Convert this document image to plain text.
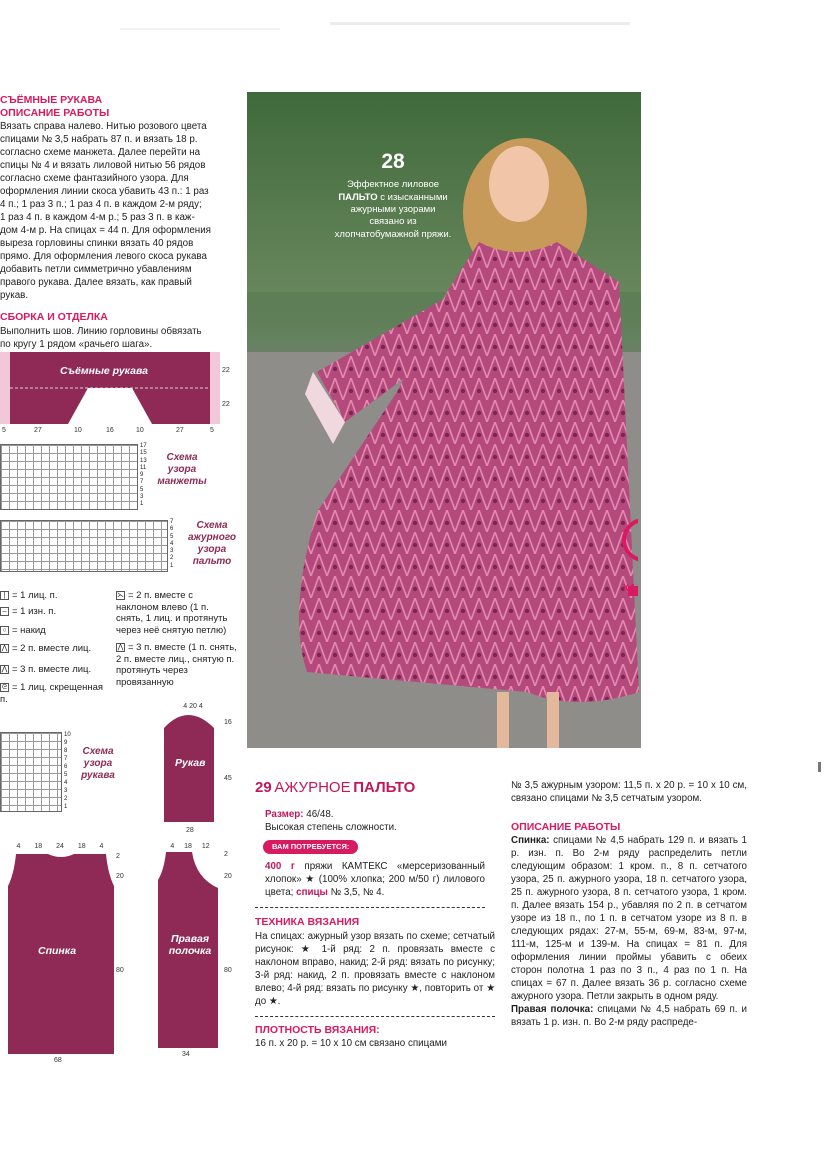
СЪЁМНЫЕ РУКАВА
ОПИСАНИЕ РАБОТЫ
Вязать справа налево. Нитью розового цвета
спицами № 3,5 набрать 87 п. и вязать 18 р.
согласно схеме манжета. Далее перейти на
спицы № 4 и вязать лиловой нитью 56 рядов
согласно схеме фантазийного узора. Для
оформления линии скоса убавить 43 п.: 1 раз
4 п.; 1 раз 3 п.; 1 раз 4 п. в каждом 2-м ряду;
1 раз 4 п. в каждом 4-м р.; 5 раз 3 п. в каж-
дом 4-м р. На спицах = 44 п. Для оформления
выреза горловины спинки вязать 40 рядов
прямо. Для оформления левого скоса рукава
добавить петли симметрично убавлениям
правого рукава. Далее вязать, как правый
рукав.
СБОРКА И ОТДЕЛКА
Выполнить шов. Линию горловины обвязать
по кругу 1 рядом «рачьего шага».
Съёмные рукава
5	27	10	16	10	27	5
22
22
17
15
13
11
9
7
5
3
1
Схема узора манжеты
7
6
5
4
3
2
1
Схема ажурного узора пальто
| = 1 лиц. п.
– = 1 изн. п.
○ = накид
⋀ = 2 п. вместе лиц.
⋀ = 3 п. вместе лиц.
ᘓ = 1 лиц. скрещенная п.
⋋ = 2 п. вместе с наклоном влево (1 п. снять, 1 лиц. и протянуть через неё снятую петлю)
⋀ = 3 п. вместе (1 п. снять, 2 п. вместе лиц., снятую п. протянуть через провязанную
10
9
8
7
6
5
4
3
2
1
Схема узора рукава
4 20 4
16
45
28
Рукав
4 18 24 18 4
2
20
80
68
Спинка
4 18 12
2
20
80
34
Правая полочка
28
Эффектное лиловое ПАЛЬТО с изысканными ажурными узорами связано из хлопчатобумажной пряжи.
КА
29 АЖУРНОЕ ПАЛЬТО
Размер: 46/48.
Высокая степень сложности.
ВАМ ПОТРЕБУЕТСЯ:
400 г пряжи КАМТЕКС «мерсеризованный хлопок» ★ (100% хлопка; 200 м/50 г) лилового цвета; спицы № 3,5, № 4.
ТЕХНИКА ВЯЗАНИЯ
На спицах: ажурный узор вязать по схеме; сетчатый рисунок: ★ 1-й ряд: 2 п. провязать вместе с наклоном вправо, накид; 2-й ряд: вязать по рисунку; 3-й ряд: накид, 2 п. провязать вместе с наклоном влево; 4-й ряд: вязать по рисунку ★, повторить от ★ до ★.
ПЛОТНОСТЬ ВЯЗАНИЯ:
16 п. х 20 р. = 10 х 10 см связано спицами
№ 3,5 ажурным узором: 11,5 п. х 20 р. = 10 х 10 см, связано спицами № 3,5 сетчатым узором.
ОПИСАНИЕ РАБОТЫ
Спинка: спицами № 4,5 набрать 129 п. и вязать 1 р. изн. п. Во 2-м ряду распределить петли следующим образом: 1 кром. п., 8 п. сетчатого узора, 25 п. ажурного узора, 18 п. сетчатого узора, 25 п. ажурного узора, 8 п. сетчатого узора, 1 кром. п. Далее вязать 154 р., убавляя по 2 п. в сетчатом узоре из 18 п., по 1 п. в сетчатом узоре из 8 п. в следующих рядах: 27-м, 55-м, 69-м, 83-м, 97-м, 111-м, 125-м и 139-м. На спицах = 81 п. Для оформления линии проймы убавить с обеих сторон полотна 1 раз по 3 п., 4 раз по 1 п. На спицах = 67 п. Далее вязать 36 р. согласно схеме ажурного узора. Петли закрыть в одном ряду.
Правая полочка: спицами № 4,5 набрать 69 п. и вязать 1 р. изн. п. Во 2-м ряду распреде-
